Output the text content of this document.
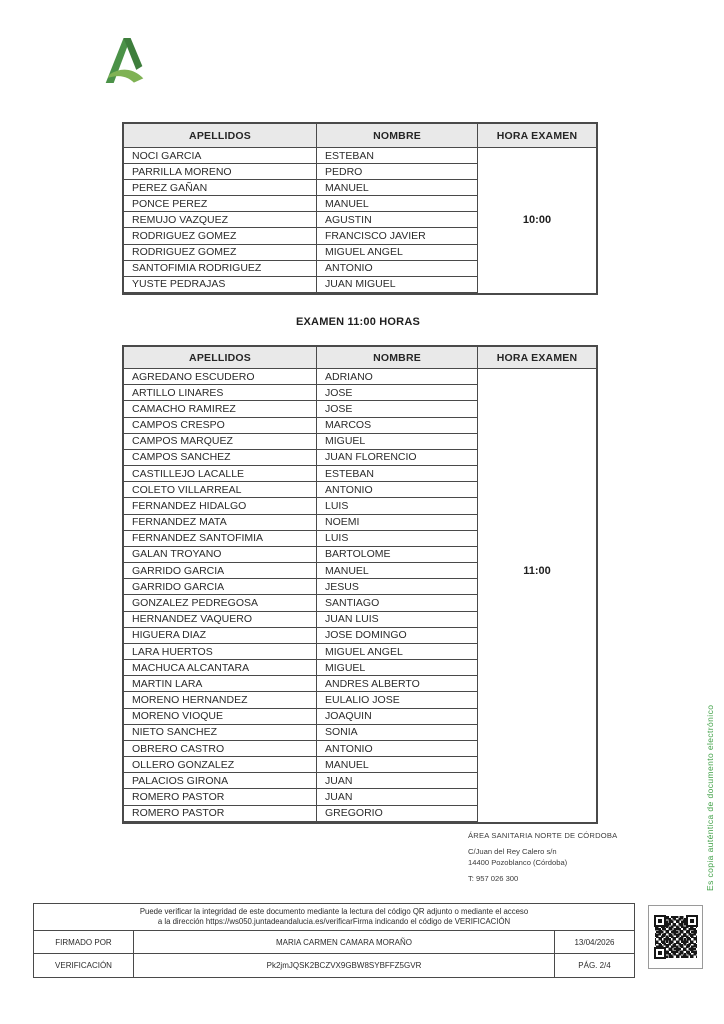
APELLIDOS	NOMBRE	HORA EXAMEN
NOCI GARCIA	ESTEBAN
PARRILLA MORENO	PEDRO
PEREZ GAÑAN	MANUEL
PONCE PEREZ	MANUEL
REMUJO VAZQUEZ	AGUSTIN
RODRIGUEZ GOMEZ	FRANCISCO JAVIER
RODRIGUEZ GOMEZ	MIGUEL ANGEL
SANTOFIMIA RODRIGUEZ	ANTONIO
YUSTE PEDRAJAS	JUAN MIGUEL
10:00
EXAMEN 11:00 HORAS
APELLIDOS	NOMBRE	HORA EXAMEN
AGREDANO ESCUDERO	ADRIANO
ARTILLO LINARES	JOSE
CAMACHO RAMIREZ	JOSE
CAMPOS CRESPO	MARCOS
CAMPOS MARQUEZ	MIGUEL
CAMPOS SANCHEZ	JUAN FLORENCIO
CASTILLEJO LACALLE	ESTEBAN
COLETO VILLARREAL	ANTONIO
FERNANDEZ HIDALGO	LUIS
FERNANDEZ MATA	NOEMI
FERNANDEZ SANTOFIMIA	LUIS
GALAN TROYANO	BARTOLOME
GARRIDO GARCIA	MANUEL
GARRIDO GARCIA	JESUS
GONZALEZ PEDREGOSA	SANTIAGO
HERNANDEZ VAQUERO	JUAN LUIS
HIGUERA DIAZ	JOSE DOMINGO
LARA HUERTOS	MIGUEL ANGEL
MACHUCA ALCANTARA	MIGUEL
MARTIN LARA	ANDRES ALBERTO
MORENO HERNANDEZ	EULALIO JOSE
MORENO VIOQUE	JOAQUIN
NIETO SANCHEZ	SONIA
OBRERO CASTRO	ANTONIO
OLLERO GONZALEZ	MANUEL
PALACIOS GIRONA	JUAN
ROMERO PASTOR	JUAN
ROMERO PASTOR	GREGORIO
11:00
ÁREA SANITARIA NORTE DE CÓRDOBA
C/Juan del Rey Calero s/n
14400 Pozoblanco (Córdoba)
T: 957 026 300	Es copia auténtica de documento electrónico
Puede verificar la integridad de este documento mediante la lectura del código QR adjunto o mediante el acceso
a la dirección https://ws050.juntadeandalucia.es/verificarFirma indicando el código de VERIFICACIÓN
FIRMADO POR	MARIA CARMEN CAMARA MORAÑO	13/04/2026
VERIFICACIÓN	Pk2jmJQSK2BCZVX9GBW8SYBFFZ5GVR	PÁG. 2/4
